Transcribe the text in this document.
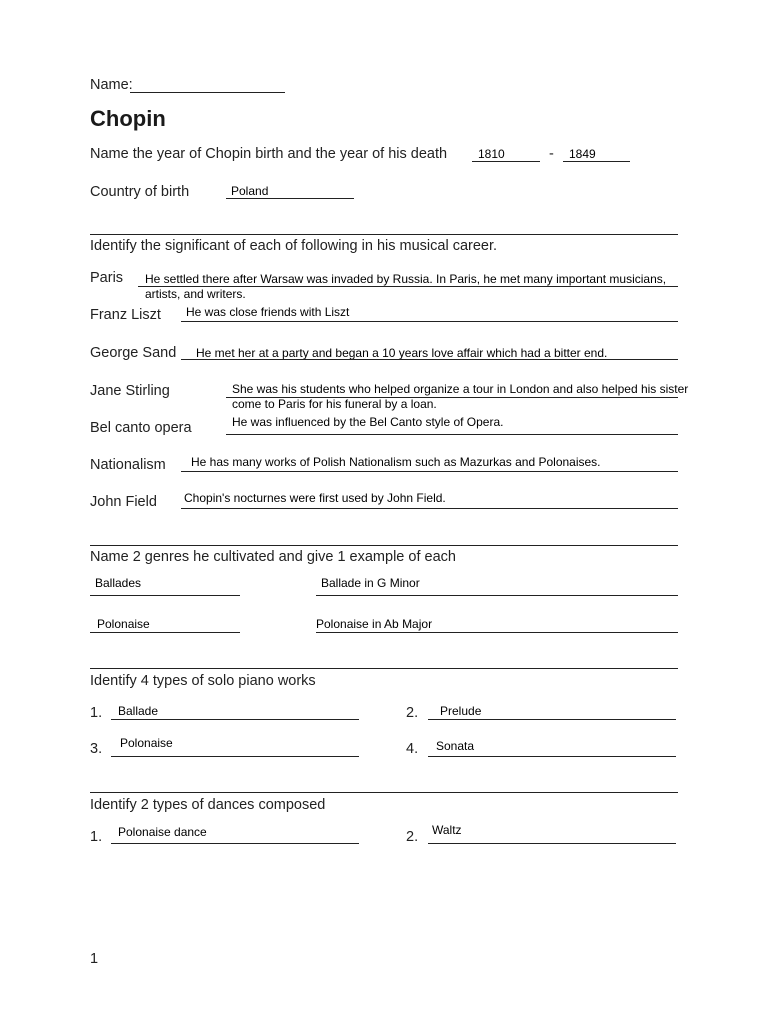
Name:
Chopin
Name the year of Chopin birth and the year of his death	1810	- 1849
Country of birth	Poland
Identify the significant of each of following in his musical career.
Paris He settled there after Warsaw was invaded by Russia. In Paris, he met many important musicians,
artists, and writers.
Franz Liszt He was close friends with Liszt
George Sand He met her at a party and began a 10 years love affair which had a bitter end.
Jane Stirling	She was his students who helped organize a tour in London and also helped his sister
come to Paris for his funeral by a loan.
Bel canto opera	He was influenced by the Bel Canto style of Opera.
Nationalism He has many works of Polish Nationalism such as Mazurkas and Polonaises.
John Field Chopin's nocturnes were first used by John Field.
Name 2 genres he cultivated and give 1 example of each
Ballades	Ballade in G Minor
Polonaise	Polonaise in Ab Major
Identify 4 types of solo piano works
1. Ballade	2. Prelude
3. Polonaise	4. Sonata
Identify 2 types of dances composed
1. Polonaise dance	2. Waltz
1
